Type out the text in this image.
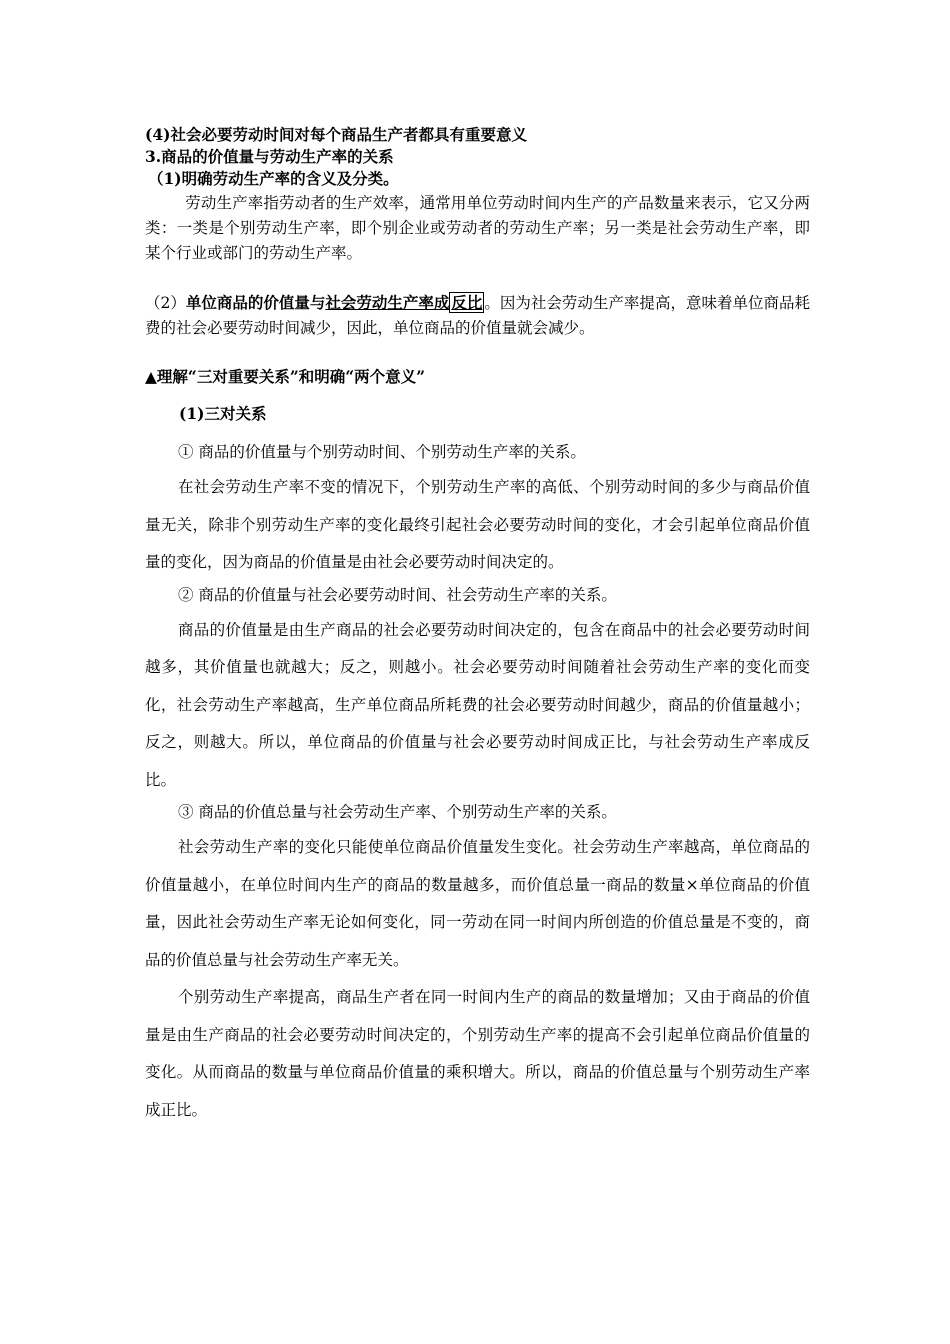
(4)社会必要劳动时间对每个商品生产者都具有重要意义
3.商品的价值量与劳动生产率的关系
（1)明确劳动生产率的含义及分类。
劳动生产率指劳动者的生产效率，通常用单位劳动时间内生产的产品数量来表示，它又分两类：一类是个别劳动生产率，即个别企业或劳动者的劳动生产率；另一类是社会劳动生产率，即某个行业或部门的劳动生产率。
（2）单位商品的价值量与社会劳动生产率成 反比 。因为社会劳动生产率提高，意味着单位商品耗费的社会必要劳动时间减少，因此，单位商品的价值量就会减少。
▲理解“三对重要关系”和明确“两个意义”
(1)三对关系
① 商品的价值量与个别劳动时间、个别劳动生产率的关系。
在社会劳动生产率不变的情况下，个别劳动生产率的高低、个别劳动时间的多少与商品价值量无关，除非个别劳动生产率的变化最终引起社会必要劳动时间的变化，才会引起单位商品价值量的变化，因为商品的价值量是由社会必要劳动时间决定的。
② 商品的价值量与社会必要劳动时间、社会劳动生产率的关系。
商品的价值量是由生产商品的社会必要劳动时间决定的，包含在商品中的社会必要劳动时间越多，其价值量也就越大；反之，则越小。社会必要劳动时间随着社会劳动生产率的变化而变化，社会劳动生产率越高，生产单位商品所耗费的社会必要劳动时间越少，商品的价值量越小；反之，则越大。所以，单位商品的价值量与社会必要劳动时间成正比，与社会劳动生产率成反比。
③ 商品的价值总量与社会劳动生产率、个别劳动生产率的关系。
社会劳动生产率的变化只能使单位商品价值量发生变化。社会劳动生产率越高，单位商品的价值量越小，在单位时间内生产的商品的数量越多，而价值总量一商品的数量×单位商品的价值量，因此社会劳动生产率无论如何变化，同一劳动在同一时间内所创造的价值总量是不变的，商品的价值总量与社会劳动生产率无关。
个别劳动生产率提高，商品生产者在同一时间内生产的商品的数量增加；又由于商品的价值量是由生产商品的社会必要劳动时间决定的，个别劳动生产率的提高不会引起单位商品价值量的变化。从而商品的数量与单位商品价值量的乘积增大。所以，商品的价值总量与个别劳动生产率成正比。
